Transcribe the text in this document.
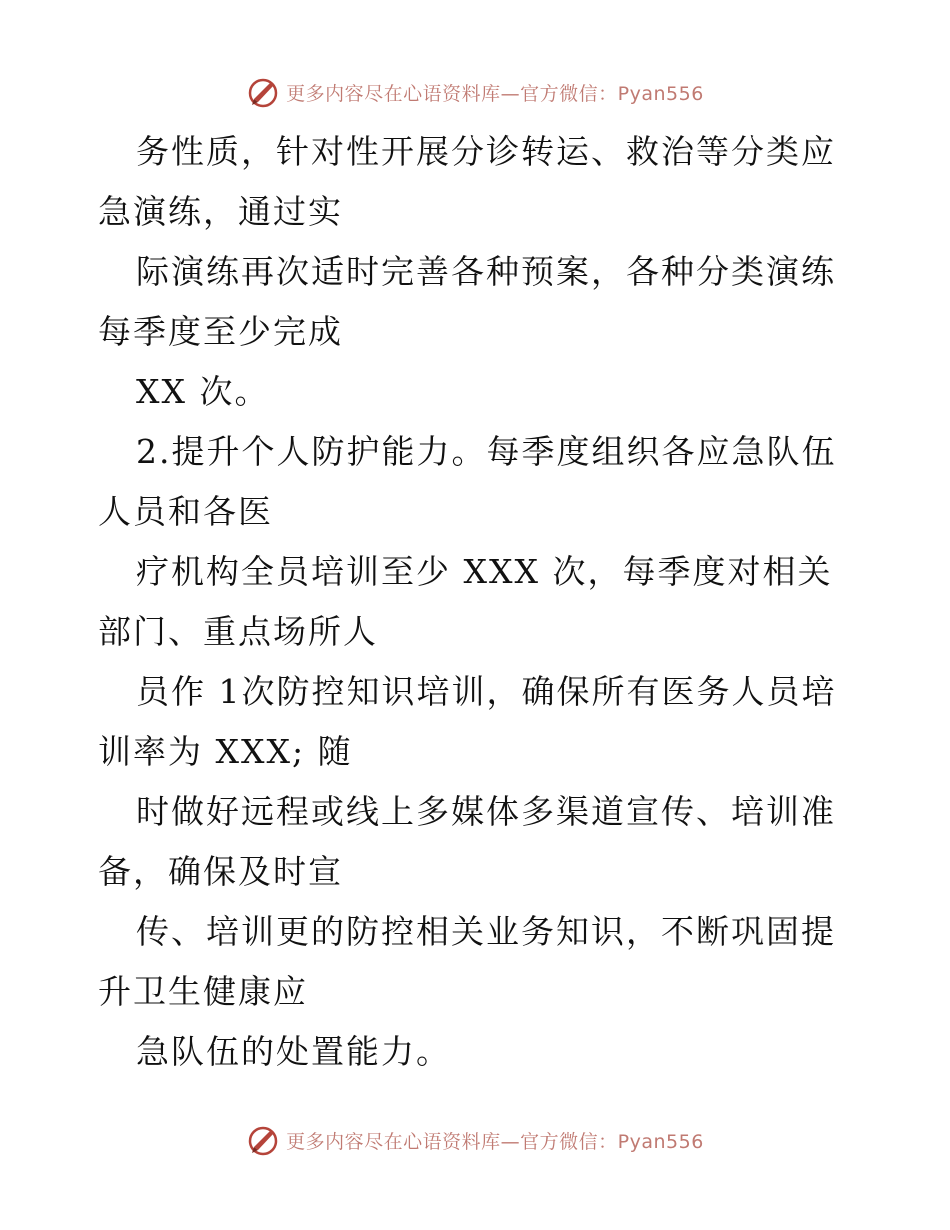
更多内容尽在心语资料库—官方微信：Pyan556

务性质，针对性开展分诊转运、救治等分类应急演练，通过实

际演练再次适时完善各种预案，各种分类演练每季度至少完成

XX 次。

2.提升个人防护能力。每季度组织各应急队伍人员和各医

疗机构全员培训至少 XXX 次，每季度对相关部门、重点场所人

员作 1次防控知识培训，确保所有医务人员培训率为 XXX; 随

时做好远程或线上多媒体多渠道宣传、培训准备，确保及时宣

传、培训更的防控相关业务知识，不断巩固提升卫生健康应

急队伍的处置能力。

更多内容尽在心语资料库—官方微信：Pyan556
